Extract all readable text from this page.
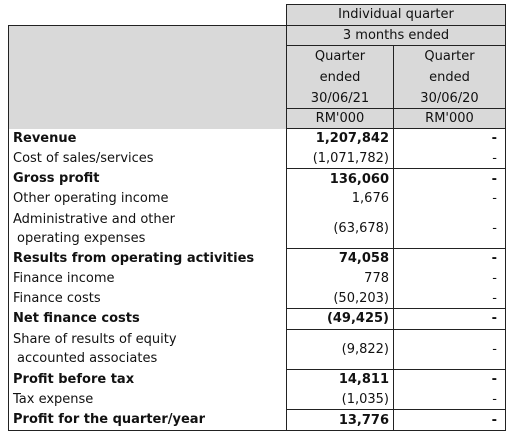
	Individual quarter	
	3 months ended	
	Quarter	Quarter
	ended	ended
	30/06/21	30/06/20
	RM'000	RM'000
Revenue	1,207,842	-
Cost of sales/services	(1,071,782)	-
Gross profit	136,060	-
Other operating income	1,676	-

Administrative and other
operating expenses	(63,678)	-
Results from operating activities	74,058	-
Finance income	778	-
Finance costs	(50,203)	-
Net finance costs	(49,425)	-

Share of results of equity
accounted associates	(9,822)	-
Profit before tax	14,811	-
Tax expense	(1,035)	-
Profit for the quarter/year	13,776	-
